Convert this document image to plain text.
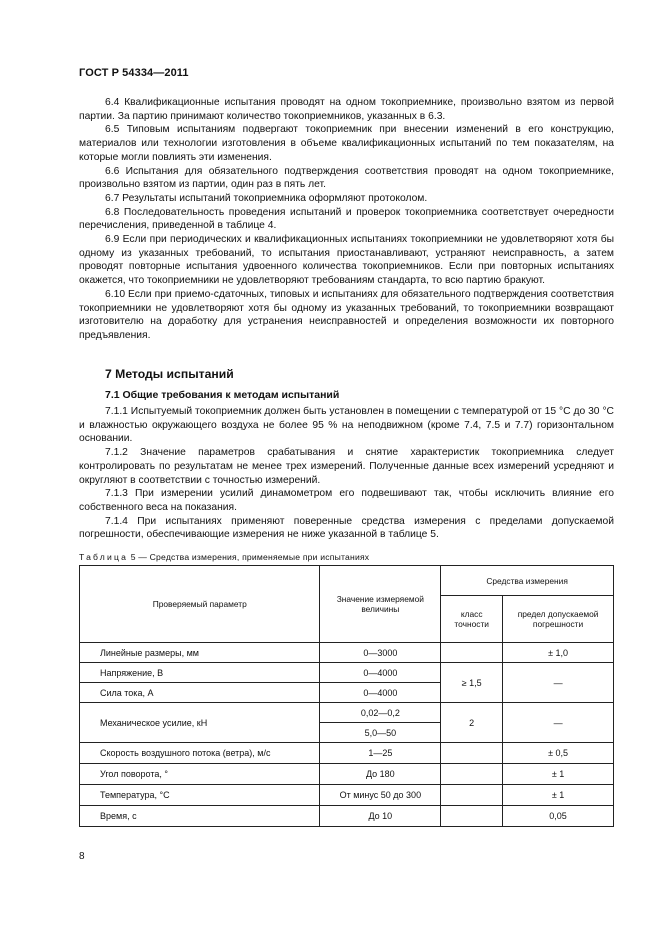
ГОСТ Р 54334—2011

6.4 Квалификационные испытания проводят на одном токоприемнике, произвольно взятом из первой партии. За партию принимают количество токоприемников, указанных в 6.3.

6.5 Типовым испытаниям подвергают токоприемник при внесении изменений в его конструкцию, материалов или технологии изготовления в объеме квалификационных испытаний по тем показателям, на которые могли повлиять эти изменения.

6.6 Испытания для обязательного подтверждения соответствия проводят на одном токоприемнике, произвольно взятом из партии, один раз в пять лет.

6.7 Результаты испытаний токоприемника оформляют протоколом.

6.8 Последовательность проведения испытаний и проверок токоприемника соответствует очередности перечисления, приведенной в таблице 4.

6.9 Если при периодических и квалификационных испытаниях токоприемники не удовлетворяют хотя бы одному из указанных требований, то испытания приостанавливают, устраняют неисправность, а затем проводят повторные испытания удвоенного количества токоприемников. Если при повторных испытаниях окажется, что токоприемники не удовлетворяют требованиям стандарта, то всю партию бракуют.

6.10 Если при приемо-сдаточных, типовых и испытаниях для обязательного подтверждения соответствия токоприемники не удовлетворяют хотя бы одному из указанных требований, то токоприемники возвращают изготовителю на доработку для устранения неисправностей и определения возможности их повторного предъявления.

7 Методы испытаний
7.1 Общие требования к методам испытаний

7.1.1 Испытуемый токоприемник должен быть установлен в помещении с температурой от 15 °С до 30 °С и влажностью окружающего воздуха не более 95 % на неподвижном (кроме 7.4, 7.5 и 7.7) горизонтальном основании.

7.1.2 Значение параметров срабатывания и снятие характеристик токоприемника следует контролировать по результатам не менее трех измерений. Полученные данные всех измерений усредняют и округляют в соответствии с точностью измерений.

7.1.3 При измерении усилий динамометром его подвешивают так, чтобы исключить влияние его собственного веса на показания.

7.1.4 При испытаниях применяют поверенные средства измерения с пределами допускаемой погрешности, обеспечивающие измерения не ниже указанной в таблице 5.

Таблица 5 — Средства измерения, применяемые при испытаниях
Проверяемый параметр	Значение измеряемой величины	Средства измерения	
		класс точности	предел допускаемой погрешности
Линейные размеры, мм	0—3000		± 1,0
Напряжение, В	0—4000	≥ 1,5	—
Сила тока, А	0—4000		
Механическое усилие, кН	0,02—0,2	2	—
	5,0—50		
Скорость воздушного потока (ветра), м/с	1—25		± 0,5
Угол поворота, °	До 180		± 1
Температура, °С	От минус 50 до 300		± 1
Время, с	До 10		0,05
8
